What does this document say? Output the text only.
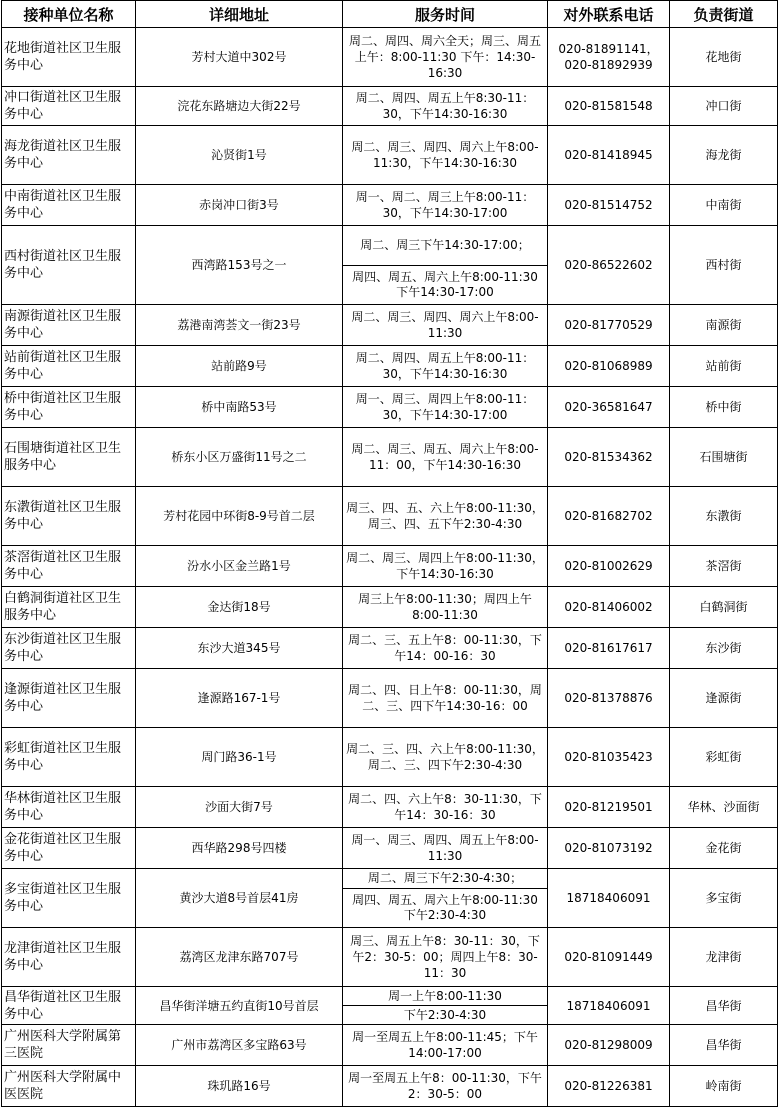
接种单位名称	详细地址	服务时间	对外联系电话	负责街道
花地街道社区卫生服务中心	芳村大道中302号	周二、周四、周六全天；周三、周五上午：8:00-11:30 下午：14:30-16:30	020-81891141，020-81892939	花地街
冲口街道社区卫生服务中心	浣花东路塘边大街22号	周二、周四、周五上午8:30-11：30，下午14:30-16:30	020-81581548	冲口街
海龙街道社区卫生服务中心	沁贤街1号	周二、周三、周四、周六上午8:00-11:30，下午14:30-16:30	020-81418945	海龙街
中南街道社区卫生服务中心	赤岗冲口街3号	周一、周二、周三上午8:00-11：30，下午14:30-17:00	020-81514752	中南街
西村街道社区卫生服务中心	西湾路153号之一	周二、周三下午14:30-17:00；	020-86522602	西村街
		周四、周五、周六上午8:00-11:30 下午14:30-17:00		
南源街道社区卫生服务中心	荔港南湾荟文一街23号	周二、周三、周四、周六上午8:00-11:30	020-81770529	南源街
站前街道社区卫生服务中心	站前路9号	周二、周四、周五上午8:00-11：30，下午14:30-16:30	020-81068989	站前街
桥中街道社区卫生服务中心	桥中南路53号	周一、周三、周四上午8:00-11：30，下午14:30-17:00	020-36581647	桥中街
石围塘街道社区卫生服务中心	桥东小区万盛街11号之二	周二、周三、周五、周六上午8:00-11：00，下午14:30-16:30	020-81534362	石围塘街
东漖街道社区卫生服务中心	芳村花园中环街8-9号首二层	周三、四、五、六上午8:00-11:30，周三、四、五下午2:30-4:30	020-81682702	东漖街
茶滘街道社区卫生服务中心	汾水小区金兰路1号	周二、周三、周四上午8:00-11:30，下午14:30-16:30	020-81002629	茶滘街
白鹤洞街道社区卫生服务中心	金达街18号	周三上午8:00-11:30；周四上午8:00-11:30	020-81406002	白鹤洞街
东沙街道社区卫生服务中心	东沙大道345号	周二、三、五上午8：00-11:30，下午14：00-16：30	020-81617617	东沙街
逢源街道社区卫生服务中心	逢源路167-1号	周二、四、日上午8：00-11:30，周二、三、四下午14:30-16：00	020-81378876	逢源街
彩虹街道社区卫生服务中心	周门路36-1号	周二、三、四、六上午8:00-11:30，周二、三、四下午2:30-4:30	020-81035423	彩虹街
华林街道社区卫生服务中心	沙面大街7号	周二、四、六上午8：30-11:30，下午14：30-16：30	020-81219501	华林、沙面街
金花街道社区卫生服务中心	西华路298号四楼	周一、周三、周四、周五上午8:00-11:30	020-81073192	金花街
多宝街道社区卫生服务中心	黄沙大道8号首层41房	周二、周三下午2:30-4:30；	18718406091	多宝街
		周四、周五、周六上午8:00-11:30 下午2:30-4:30		
龙津街道社区卫生服务中心	荔湾区龙津东路707号	周三、周五上午8：30-11：30，下午2：30-5：00；周四上午8：30-11：30	020-81091449	龙津街
昌华街道社区卫生服务中心	昌华街洋塘五约直街10号首层	周一上午8:00-11:30	18718406091	昌华街
		下午2:30-4:30		
广州医科大学附属第三医院	广州市荔湾区多宝路63号	周一至周五上午8:00-11:45；下午14:00-17:00	020-81298009	昌华街
广州医科大学附属中医医院	珠玑路16号	周一至周五上午8：00-11:30，下午2：30-5：00	020-81226381	岭南街
